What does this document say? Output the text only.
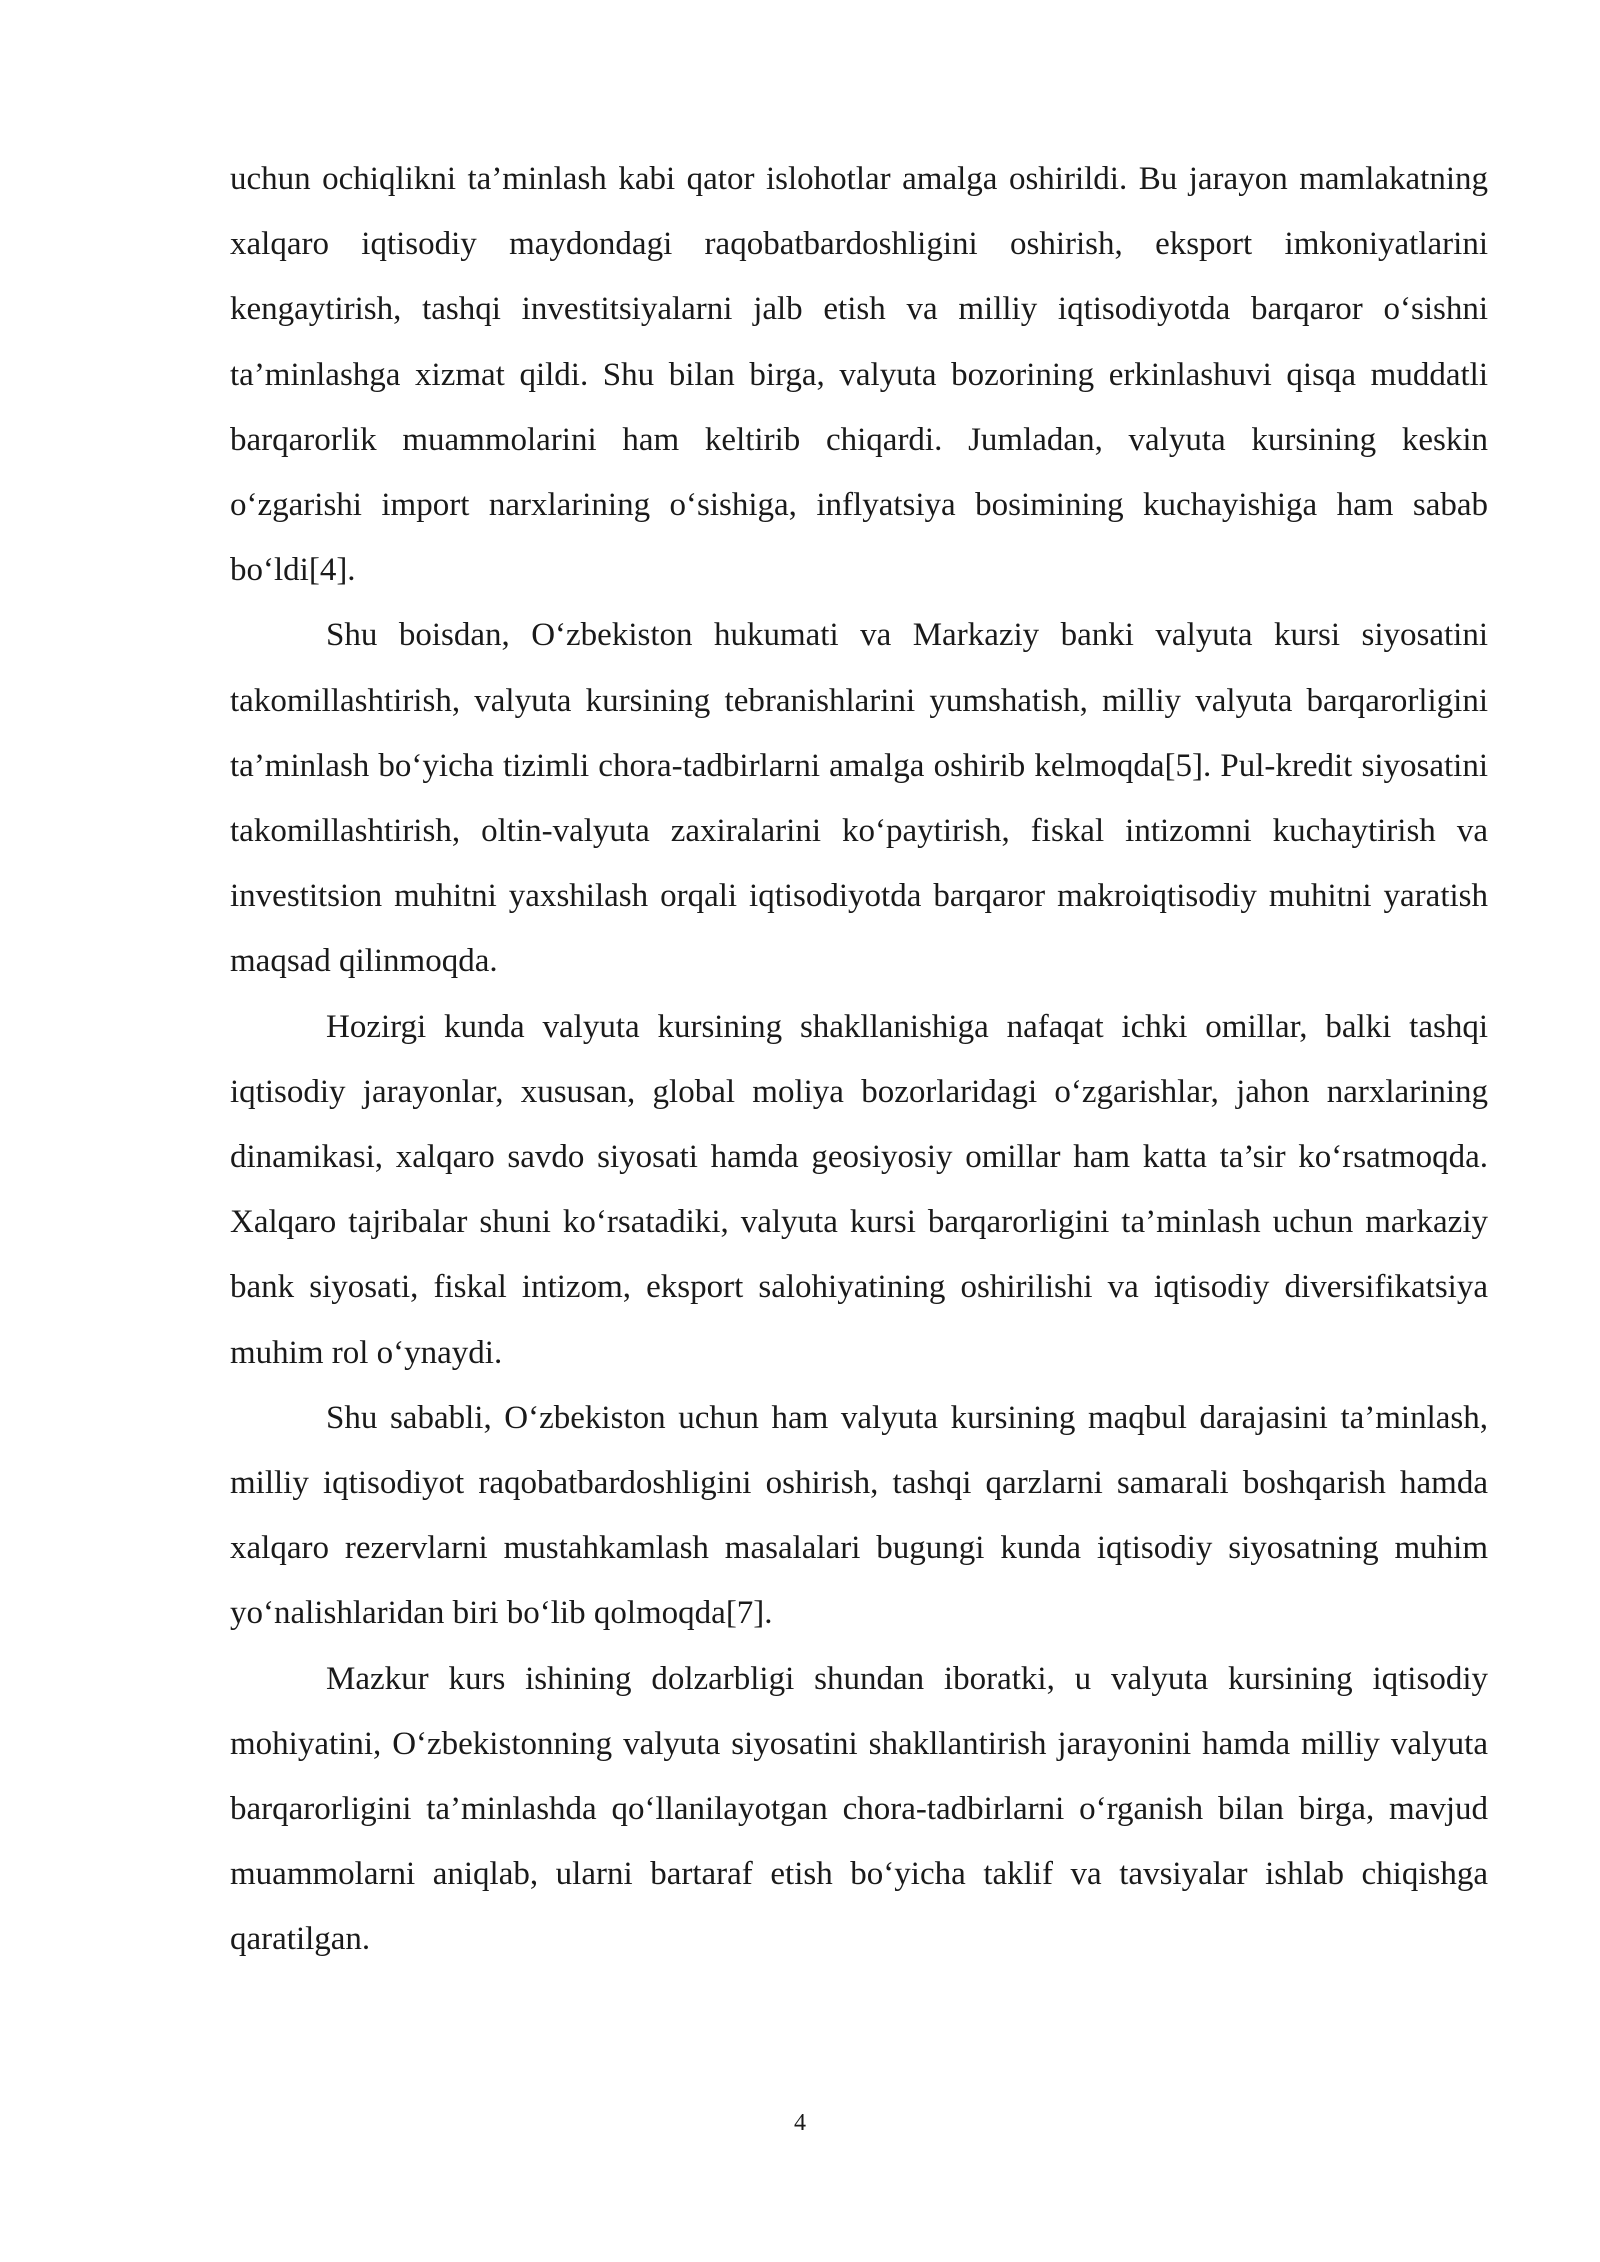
uchun ochiqlikni ta’minlash kabi qator islohotlar amalga oshirildi. Bu jarayon mamlakatning xalqaro iqtisodiy maydondagi raqobatbardoshligini oshirish, eksport imkoniyatlarini kengaytirish, tashqi investitsiyalarni jalb etish va milliy iqtisodiyotda barqaror o‘sishni ta’minlashga xizmat qildi. Shu bilan birga, valyuta bozorining erkinlashuvi qisqa muddatli barqarorlik muammolarini ham keltirib chiqardi. Jumladan, valyuta kursining keskin o‘zgarishi import narxlarining o‘sishiga, inflyatsiya bosimining kuchayishiga ham sabab bo‘ldi[4].

Shu boisdan, O‘zbekiston hukumati va Markaziy banki valyuta kursi siyosatini takomillashtirish, valyuta kursining tebranishlarini yumshatish, milliy valyuta barqarorligini ta’minlash bo‘yicha tizimli chora-tadbirlarni amalga oshirib kelmoqda[5]. Pul-kredit siyosatini takomillashtirish, oltin-valyuta zaxiralarini ko‘paytirish, fiskal intizomni kuchaytirish va investitsion muhitni yaxshilash orqali iqtisodiyotda barqaror makroiqtisodiy muhitni yaratish maqsad qilinmoqda.

Hozirgi kunda valyuta kursining shakllanishiga nafaqat ichki omillar, balki tashqi iqtisodiy jarayonlar, xususan, global moliya bozorlaridagi o‘zgarishlar, jahon narxlarining dinamikasi, xalqaro savdo siyosati hamda geosiyosiy omillar ham katta ta’sir ko‘rsatmoqda. Xalqaro tajribalar shuni ko‘rsatadiki, valyuta kursi barqarorligini ta’minlash uchun markaziy bank siyosati, fiskal intizom, eksport salohiyatining oshirilishi va iqtisodiy diversifikatsiya muhim rol o‘ynaydi.

Shu sababli, O‘zbekiston uchun ham valyuta kursining maqbul darajasini ta’minlash, milliy iqtisodiyot raqobatbardoshligini oshirish, tashqi qarzlarni samarali boshqarish hamda xalqaro rezervlarni mustahkamlash masalalari bugungi kunda iqtisodiy siyosatning muhim yo‘nalishlaridan biri bo‘lib qolmoqda[7].

Mazkur kurs ishining dolzarbligi shundan iboratki, u valyuta kursining iqtisodiy mohiyatini, O‘zbekistonning valyuta siyosatini shakllantirish jarayonini hamda milliy valyuta barqarorligini ta’minlashda qo‘llanilayotgan chora-tadbirlarni o‘rganish bilan birga, mavjud muammolarni aniqlab, ularni bartaraf etish bo‘yicha taklif va tavsiyalar ishlab chiqishga qaratilgan.

4
